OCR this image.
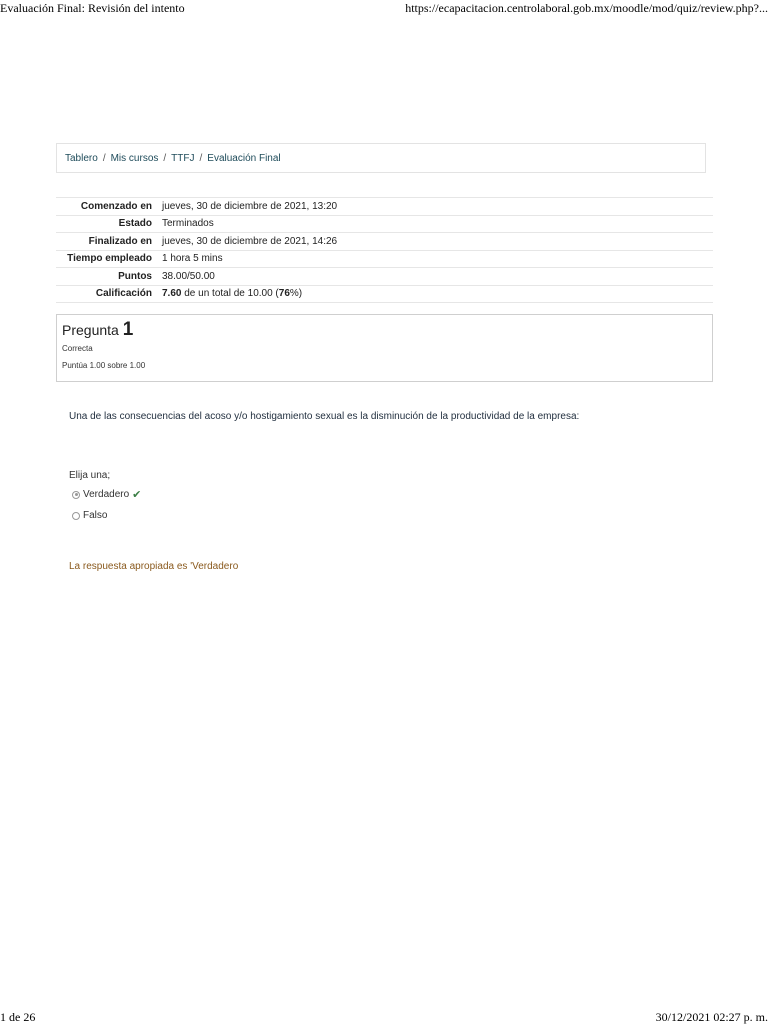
Evaluación Final: Revisión del intento	https://ecapacitacion.centrolaboral.gob.mx/moodle/mod/quiz/review.php?...
Tablero / Mis cursos / TTFJ / Evaluación Final
Comenzado en	jueves, 30 de diciembre de 2021, 13:20
Estado	Terminados
Finalizado en	jueves, 30 de diciembre de 2021, 14:26
Tiempo empleado	1 hora 5 mins
Puntos	38.00/50.00
Calificación	7.60 de un total de 10.00 (76%)
Pregunta 1
Correcta
Puntúa 1.00 sobre 1.00
Una de las consecuencias del acoso y/o hostigamiento sexual es la disminución de la productividad de la empresa:
Elija una;
Verdadero ✔
Falso
La respuesta apropiada es 'Verdadero
1 de 26	30/12/2021 02:27 p. m.
